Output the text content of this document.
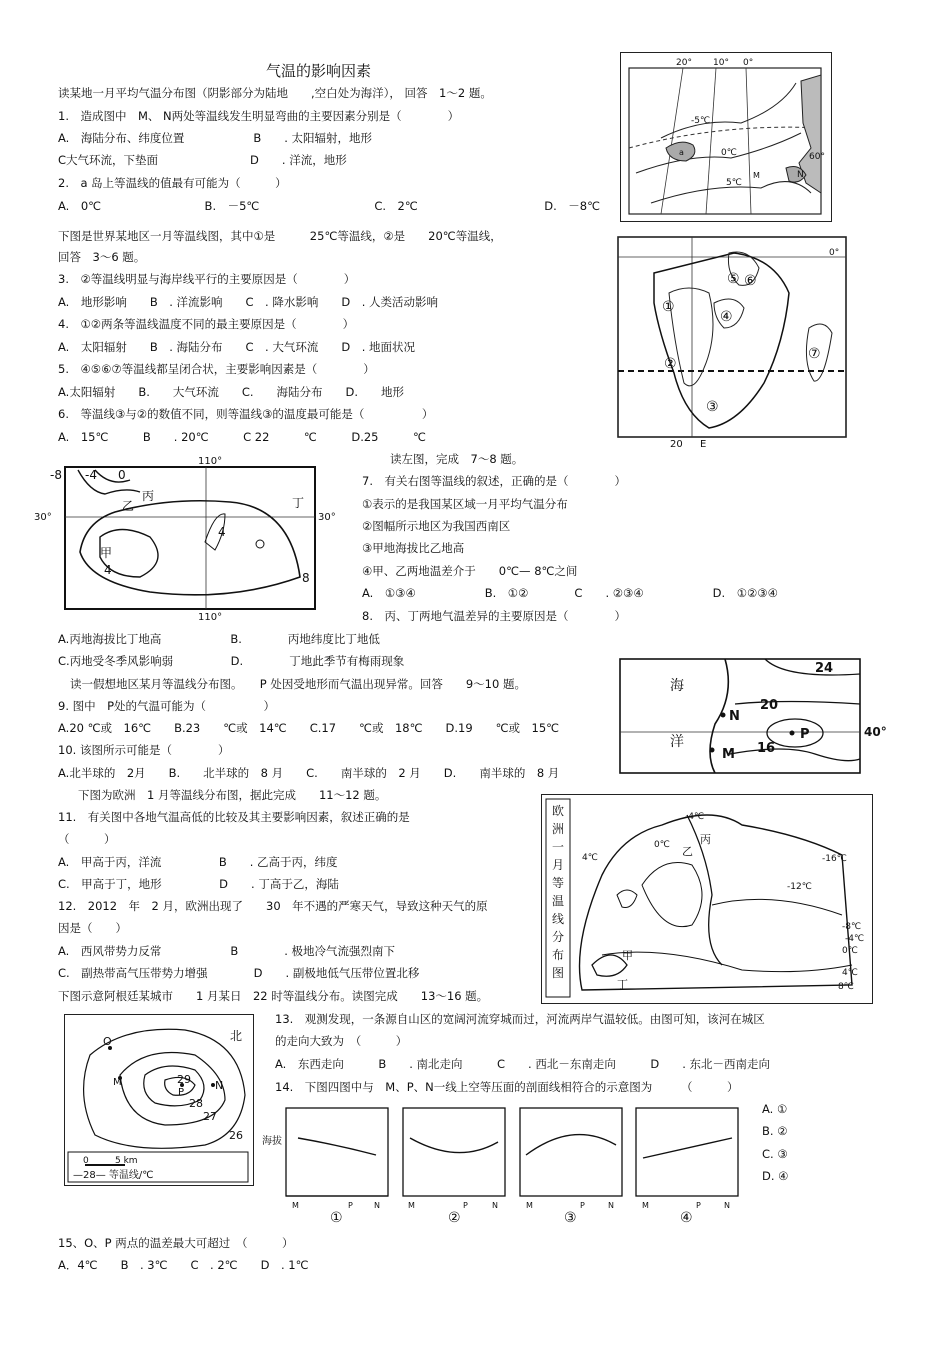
气温的影响因素
读某地一月平均气温分布图（阴影部分为陆地　　,空白处为海洋）， 回答　1～2 题。
1.　造成图中　M、 N两处等温线发生明显弯曲的主要因素分别是（　　　　）
A.　海陆分布、纬度位置　　　　　　B　　. 太阳辐射，地形
C大气环流，下垫面　　　　　　　　D　　. 洋流，地形
2.　a 岛上等温线的值最有可能为（　　　）
A.　0℃　　　　　　　　　B.　－5℃　　　　　　　　　　C.　2℃　　　　　　　　　　　D.　－8℃
下图是世界某地区一月等温线图，其中①是　　　25℃等温线，②是　　20℃等温线，
回答　3～6 题。
3.　②等温线明显与海岸线平行的主要原因是（　　　　）
A.　地形影响　　B　. 洋流影响　　C　. 降水影响　　D　. 人类活动影响
4.　①②两条等温线温度不同的最主要原因是（　　　　）
A.　太阳辐射　　B　. 海陆分布　　C　. 大气环流　　D　. 地面状况
5.　④⑤⑥⑦等温线都呈闭合状，主要影响因素是（　　　　）
A.太阳辐射　　B.　　大气环流　　C.　　海陆分布　　D.　　地形
6.　等温线③与②的数值不同，则等温线③的温度最可能是（　　　　　）
A.　15℃　　　B　　. 20℃　　　C 22　　　℃　　　D.25　　　℃
读左图，完成　7～8 题。
7.　有关右图等温线的叙述，正确的是（　　　　）
①表示的是我国某区域一月平均气温分布
②图幅所示地区为我国西南区
③甲地海拔比乙地高
④甲、乙两地温差介于　　0℃— 8℃之间
A.　①③④　　　　　　B.　①②　　　　C　　. ②③④　　　　　　D.　①②③④
8.　丙、丁两地气温差异的主要原因是（　　　　）
A.丙地海拔比丁地高　　　　　　B.　　　　丙地纬度比丁地低
C.丙地受冬季风影响弱　　　　　D.　　　　丁地此季节有梅雨现象
读一假想地区某月等温线分布图。　　P 处因受地形而气温出现异常。回答　　9～10 题。
9. 图中　P处的气温可能为（　　　　　）
A.20 ℃或　16℃　　B.23　　℃或　14℃　　C.17　　℃或　18℃　　D.19　　℃或　15℃
10. 该图所示可能是（　　　　）
A.北半球的　2月　　B.　　北半球的　8 月　　C.　　南半球的　2 月　　D.　　南半球的　8 月
下图为欧洲　1 月等温线分布图，据此完成　　11～12 题。
11.　有关图中各地气温高低的比较及其主要影响因素，叙述正确的是
（　　　）
A.　甲高于丙，洋流　　　　　B　　. 乙高于丙，纬度
C.　甲高于丁，地形　　　　　D　　. 丁高于乙，海陆
12.　2012　年　2 月，欧洲出现了　　30　年不遇的严寒天气，导致这种天气的原
因是（　　）
A.　西风带势力反常　　　　　　B　　　　. 极地冷气流强烈南下
C.　副热带高气压带势力增强　　　　D　　. 副极地低气压带位置北移
下图示意阿根廷某城市　　1 月某日　22 时等温线分布。读图完成　　13～16 题。
13.　观测发现，一条源自山区的宽阔河流穿城而过，河流两岸气温较低。由图可知，该河在城区
的走向大致为　（　　　）
A.　东西走向　　　B　　. 南北走向　　　C　　. 西北－东南走向　　　D　　. 东北－西南走向
14.　下图四图中与　M、P、N一线上空等压面的剖面线相符合的示意图为　　　（　　　）
A. ①
B. ②
C. ③
D. ④
15、O、P 两点的温差最大可超过　（　　　）
A．4℃　　B　. 3℃　　C　. 2℃　　D　. 1℃
20° 10° 0°
-5℃
0℃
5℃
a
M	N
60°
0°
①
②
③
④
⑤ ⑥
⑦
20 E
-8 -4 0
110°
30°	30°
丙
乙	丁
4
甲
4
8
110°
海
洋
24
20
16
N
M
P	40°
欧
洲
一
月
等
温
线
分
布
图
-4℃
丙
0℃
4℃	乙
-16℃
-12℃
-8℃
-4℃
0℃
甲
丁
4℃
8℃
北
O
M	29
P
N
28
27
26
0	5 km
—28— 等温线/℃
海拔
M	P	N
①
M	P	N
②
M	P	N
③
M	P	N
④
